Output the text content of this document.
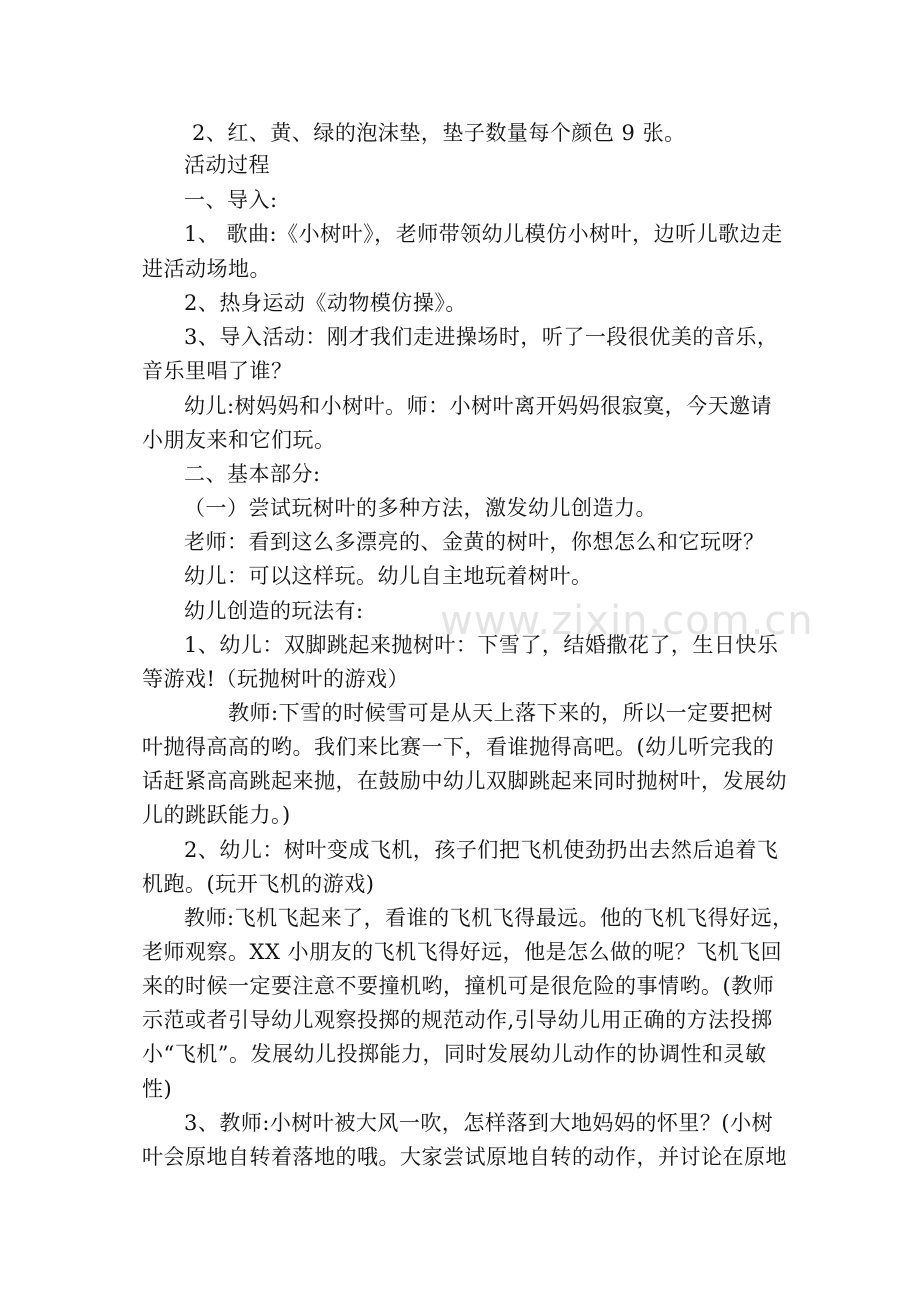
www.zixin.com.cn
2、红、黄、绿的泡沫垫，垫子数量每个颜色 9 张。
活动过程
一、导入:
1、 歌曲:《小树叶》，老师带领幼儿模仿小树叶，边听儿歌边走
进活动场地。
2、热身运动《动物模仿操》。
3、导入活动：刚才我们走进操场时，听了一段很优美的音乐，
音乐里唱了谁？
幼儿:树妈妈和小树叶。师：小树叶离开妈妈很寂寞，今天邀请
小朋友来和它们玩。
二、基本部分:
（一）尝试玩树叶的多种方法，激发幼儿创造力。
老师：看到这么多漂亮的、金黄的树叶，你想怎么和它玩呀？
幼儿：可以这样玩。幼儿自主地玩着树叶。
幼儿创造的玩法有:
1、幼儿：双脚跳起来抛树叶：下雪了，结婚撒花了，生日快乐
等游戏!（玩抛树叶的游戏）
教师:下雪的时候雪可是从天上落下来的，所以一定要把树
叶抛得高高的哟。我们来比赛一下，看谁抛得高吧。(幼儿听完我的
话赶紧高高跳起来抛，在鼓励中幼儿双脚跳起来同时抛树叶，发展幼
儿的跳跃能力。)
2、幼儿：树叶变成飞机，孩子们把飞机使劲扔出去然后追着飞
机跑。(玩开飞机的游戏)
教师:飞机飞起来了，看谁的飞机飞得最远。他的飞机飞得好远，
老师观察。XX 小朋友的飞机飞得好远，他是怎么做的呢？飞机飞回
来的时候一定要注意不要撞机哟，撞机可是很危险的事情哟。(教师
示范或者引导幼儿观察投掷的规范动作,引导幼儿用正确的方法投掷
小“飞机”。发展幼儿投掷能力，同时发展幼儿动作的协调性和灵敏
性)
3、教师:小树叶被大风一吹，怎样落到大地妈妈的怀里？(小树
叶会原地自转着落地的哦。大家尝试原地自转的动作，并讨论在原地
